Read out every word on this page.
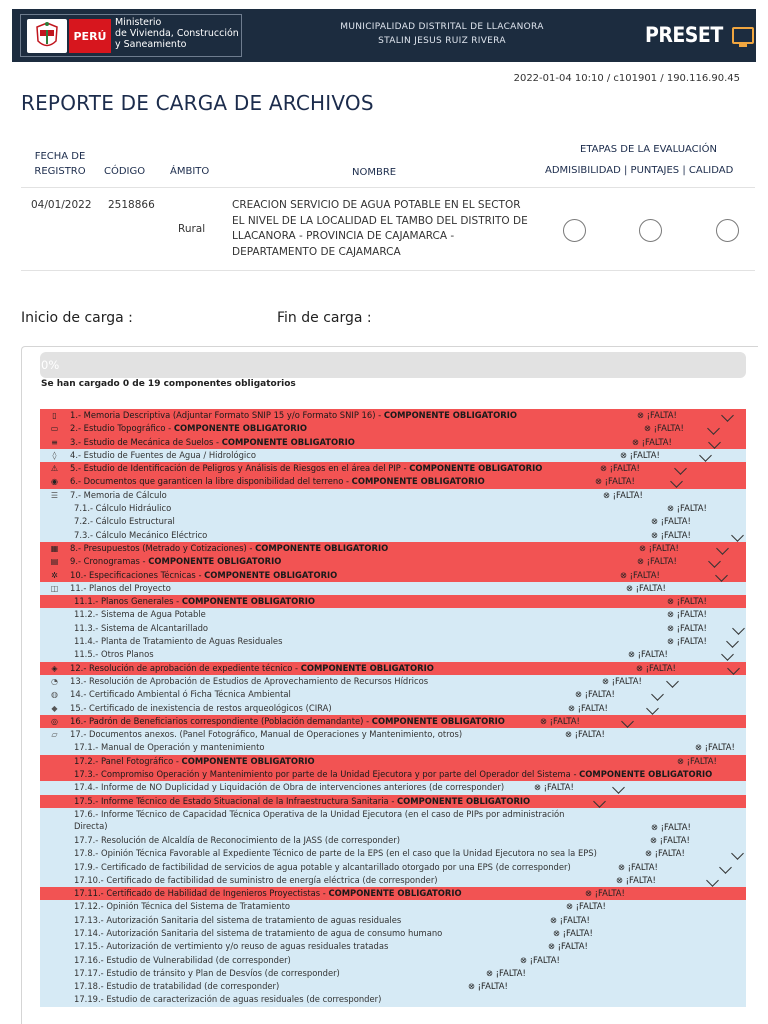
PERÚ
Ministerio
de Vivienda, Construcción
y Saneamiento
MUNICIPALIDAD DISTRITAL DE LLACANORA
STALIN JESUS RUIZ RIVERA	PRESET
2022-01-04 10:10 / c101901 / 190.116.90.45
REPORTE DE CARGA DE ARCHIVOS
FECHA DE REGISTRO	CÓDIGO ÁMBITO	NOMBRE
ETAPAS DE LA EVALUACIÓN
ADMISIBILIDAD | PUNTAJES | CALIDAD
04/01/2022 2518866
Rural
CREACION SERVICIO DE AGUA POTABLE EN EL SECTOR EL NIVEL DE LA LOCALIDAD EL TAMBO DEL DISTRITO DE LLACANORA - PROVINCIA DE CAJAMARCA - DEPARTAMENTO DE CAJAMARCA
Inicio de carga :	Fin de carga :
0%
Se han cargado 0 de 19 componentes obligatorios
▯ 1.- Memoria Descriptiva (Adjuntar Formato SNIP 15 y/o Formato SNIP 16) - COMPONENTE OBLIGATORIO	⊗ ¡FALTA!
▭ 2.- Estudio Topográfico - COMPONENTE OBLIGATORIO	⊗ ¡FALTA!
≡ 3.- Estudio de Mecánica de Suelos - COMPONENTE OBLIGATORIO	⊗ ¡FALTA!
◊	4.- Estudio de Fuentes de Agua / Hidrológico	⊗ ¡FALTA!
⚠ 5.- Estudio de Identificación de Peligros y Análisis de Riesgos en el área del PIP - COMPONENTE OBLIGATORIO	⊗ ¡FALTA!
◉ 6.- Documentos que garanticen la libre disponibilidad del terreno - COMPONENTE OBLIGATORIO	⊗ ¡FALTA!
☰ 7.- Memoria de Cálculo	⊗ ¡FALTA!
7.1.- Cálculo Hidráulico	⊗ ¡FALTA!
7.2.- Cálculo Estructural	⊗ ¡FALTA!
7.3.- Cálculo Mecánico Eléctrico	⊗ ¡FALTA!
▦ 8.- Presupuestos (Metrado y Cotizaciones) - COMPONENTE OBLIGATORIO	⊗ ¡FALTA!
▤ 9.- Cronogramas - COMPONENTE OBLIGATORIO	⊗ ¡FALTA!
✲ 10.- Especificaciones Técnicas - COMPONENTE OBLIGATORIO	⊗ ¡FALTA!
◫ 11.- Planos del Proyecto	⊗ ¡FALTA!
11.1.- Planos Generales - COMPONENTE OBLIGATORIO	⊗ ¡FALTA!
11.2.- Sistema de Agua Potable	⊗ ¡FALTA!
11.3.- Sistema de Alcantarillado	⊗ ¡FALTA!
11.4.- Planta de Tratamiento de Aguas Residuales	⊗ ¡FALTA!
11.5.- Otros Planos	⊗ ¡FALTA!
◈ 12.- Resolución de aprobación de expediente técnico - COMPONENTE OBLIGATORIO	⊗ ¡FALTA!
◔ 13.- Resolución de Aprobación de Estudios de Aprovechamiento de Recursos Hídricos	⊗ ¡FALTA!
◍ 14.- Certificado Ambiental ó Ficha Técnica Ambiental	⊗ ¡FALTA!
◆ 15.- Certificado de inexistencia de restos arqueológicos (CIRA)	⊗ ¡FALTA!
◎ 16.- Padrón de Beneficiarios correspondiente (Población demandante) - COMPONENTE OBLIGATORIO	⊗ ¡FALTA!
▱ 17.- Documentos anexos. (Panel Fotográfico, Manual de Operaciones y Mantenimiento, otros)	⊗ ¡FALTA!
17.1.- Manual de Operación y mantenimiento	⊗ ¡FALTA!
17.2.- Panel Fotográfico - COMPONENTE OBLIGATORIO	⊗ ¡FALTA!
17.3.- Compromiso Operación y Mantenimiento por parte de la Unidad Ejecutora y por parte del Operador del Sistema - COMPONENTE OBLIGATORIO
17.4.- Informe de NO Duplicidad y Liquidación de Obra de intervenciones anteriores (de corresponder)	⊗ ¡FALTA!
17.5.- Informe Técnico de Estado Situacional de la Infraestructura Sanitaria - COMPONENTE OBLIGATORIO
17.6.- Informe Técnico de Capacidad Técnica Operativa de la Unidad Ejecutora (en el caso de PIPs por administración Directa)	⊗ ¡FALTA!
17.7.- Resolución de Alcaldía de Reconocimiento de la JASS (de corresponder)	⊗ ¡FALTA!
17.8.- Opinión Técnica Favorable al Expediente Técnico de parte de la EPS (en el caso que la Unidad Ejecutora no sea la EPS)	⊗ ¡FALTA!
17.9.- Certificado de factibilidad de servicios de agua potable y alcantarillado otorgado por una EPS (de corresponder)	⊗ ¡FALTA!
17.10.- Certificado de factibilidad de suministro de energía eléctrica (de corresponder)	⊗ ¡FALTA!
17.11.- Certificado de Habilidad de Ingenieros Proyectistas - COMPONENTE OBLIGATORIO	⊗ ¡FALTA!
17.12.- Opinión Técnica del Sistema de Tratamiento	⊗ ¡FALTA!
17.13.- Autorización Sanitaria del sistema de tratamiento de aguas residuales	⊗ ¡FALTA!
17.14.- Autorización Sanitaria del sistema de tratamiento de agua de consumo humano	⊗ ¡FALTA!
17.15.- Autorización de vertimiento y/o reuso de aguas residuales tratadas	⊗ ¡FALTA!
17.16.- Estudio de Vulnerabilidad (de corresponder)	⊗ ¡FALTA!
17.17.- Estudio de tránsito y Plan de Desvíos (de corresponder)	⊗ ¡FALTA!
17.18.- Estudio de tratabilidad (de corresponder)	⊗ ¡FALTA!
17.19.- Estudio de caracterización de aguas residuales (de corresponder)
